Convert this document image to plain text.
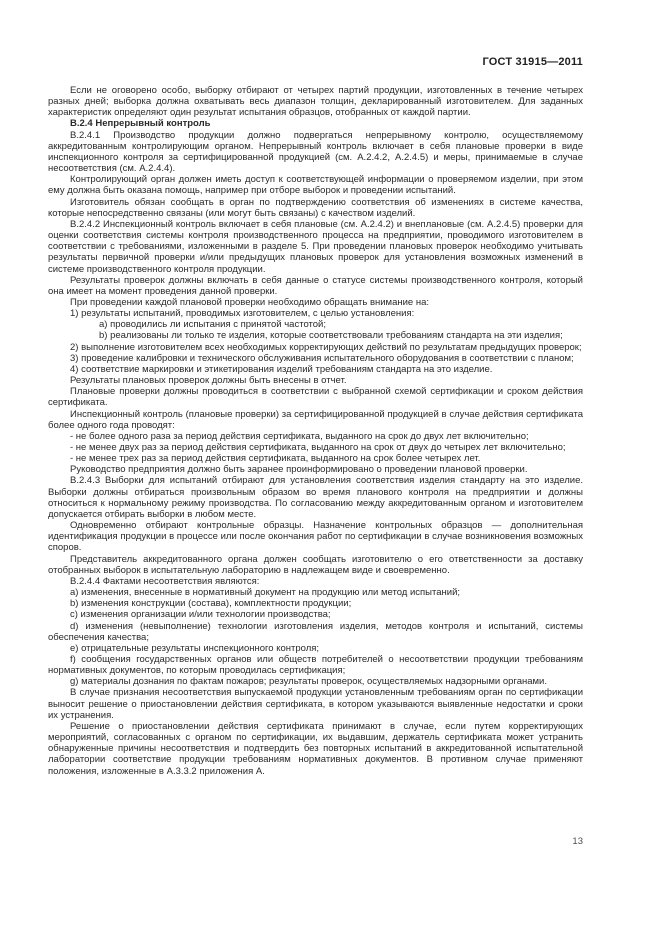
ГОСТ 31915—2011

Если не оговорено особо, выборку отбирают от четырех партий продукции, изготовленных в течение четырех разных дней; выборка должна охватывать весь диапазон толщин, декларированный изготовителем. Для заданных характеристик определяют один результат испытания образцов, отобранных от каждой партии.

В.2.4 Непрерывный контроль

В.2.4.1 Производство продукции должно подвергаться непрерывному контролю, осуществляемому аккредитованным контролирующим органом. Непрерывный контроль включает в себя плановые проверки в виде инспекционного контроля за сертифицированной продукцией (см. А.2.4.2, А.2.4.5) и меры, принимаемые в случае несоответствия (см. А.2.4.4).

Контролирующий орган должен иметь доступ к соответствующей информации о проверяемом изделии, при этом ему должна быть оказана помощь, например при отборе выборок и проведении испытаний.

Изготовитель обязан сообщать в орган по подтверждению соответствия об изменениях в системе качества, которые непосредственно связаны (или могут быть связаны) с качеством изделий.

В.2.4.2 Инспекционный контроль включает в себя плановые (см. А.2.4.2) и внеплановые (см. А.2.4.5) проверки для оценки соответствия системы контроля производственного процесса на предприятии, проводимого изготовителем в соответствии с требованиями, изложенными в разделе 5. При проведении плановых проверок необходимо учитывать результаты первичной проверки и/или предыдущих плановых проверок для установления возможных изменений в системе производственного контроля продукции.

Результаты проверок должны включать в себя данные о статусе системы производственного контроля, который она имеет на момент проведения данной проверки.

При проведении каждой плановой проверки необходимо обращать внимание на:

1) результаты испытаний, проводимых изготовителем, с целью установления:

a) проводились ли испытания с принятой частотой;

b) реализованы ли только те изделия, которые соответствовали требованиям стандарта на эти изделия;

2) выполнение изготовителем всех необходимых корректирующих действий по результатам предыдущих проверок;

3) проведение калибровки и технического обслуживания испытательного оборудования в соответствии с планом;

4) соответствие маркировки и этикетирования изделий требованиям стандарта на это изделие.

Результаты плановых проверок должны быть внесены в отчет.

Плановые проверки должны проводиться в соответствии с выбранной схемой сертификации и сроком действия сертификата.

Инспекционный контроль (плановые проверки) за сертифицированной продукцией в случае действия сертификата более одного года проводят:

- не более одного раза за период действия сертификата, выданного на срок до двух лет включительно;

- не менее двух раз за период действия сертификата, выданного на срок от двух до четырех лет включительно;

- не менее трех раз за период действия сертификата, выданного на срок более четырех лет.

Руководство предприятия должно быть заранее проинформировано о проведении плановой проверки.

В.2.4.3 Выборки для испытаний отбирают для установления соответствия изделия стандарту на это изделие. Выборки должны отбираться произвольным образом во время планового контроля на предприятии и должны относиться к нормальному режиму производства. По согласованию между аккредитованным органом и изготовителем допускается отбирать выборки в любом месте.

Одновременно отбирают контрольные образцы. Назначение контрольных образцов — дополнительная идентификация продукции в процессе или после окончания работ по сертификации в случае возникновения возможных споров.

Представитель аккредитованного органа должен сообщать изготовителю о его ответственности за доставку отобранных выборок в испытательную лабораторию в надлежащем виде и своевременно.

В.2.4.4 Фактами несоответствия являются:

a) изменения, внесенные в нормативный документ на продукцию или метод испытаний;

b) изменения конструкции (состава), комплектности продукции;

c) изменения организации и/или технологии производства;

d) изменения (невыполнение) технологии изготовления изделия, методов контроля и испытаний, системы обеспечения качества;

e) отрицательные результаты инспекционного контроля;

f) сообщения государственных органов или обществ потребителей о несоответствии продукции требованиям нормативных документов, по которым проводилась сертификация;

g) материалы дознания по фактам пожаров; результаты проверок, осуществляемых надзорными органами.

В случае признания несоответствия выпускаемой продукции установленным требованиям орган по сертификации выносит решение о приостановлении действия сертификата, в котором указываются выявленные недостатки и сроки их устранения.

Решение о приостановлении действия сертификата принимают в случае, если путем корректирующих мероприятий, согласованных с органом по сертификации, их выдавшим, держатель сертификата может устранить обнаруженные причины несоответствия и подтвердить без повторных испытаний в аккредитованной испытательной лаборатории соответствие продукции требованиям нормативных документов. В противном случае применяют положения, изложенные в А.3.3.2 приложения А.

13
